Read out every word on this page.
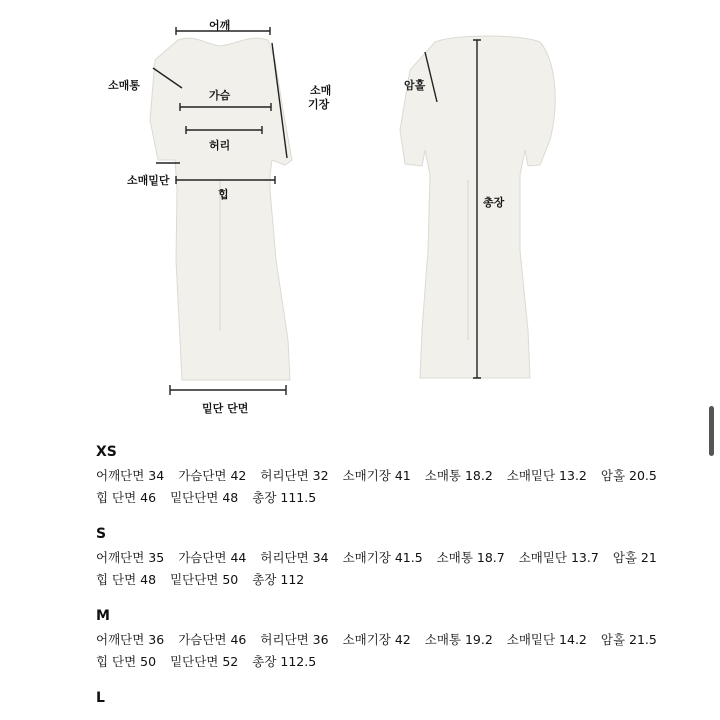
어깨
소매통
가슴	소매
기장
허리
소매밑단
힙
밑단 단면
암홀
총장
XS
어깨단면 34 가슴단면 42 허리단면 32 소매기장 41 소매통 18.2 소매밑단 13.2 암홀 20.5
힙 단면 46 밑단단면 48 총장 111.5
S
어깨단면 35 가슴단면 44 허리단면 34 소매기장 41.5 소매통 18.7 소매밑단 13.7 암홀 21
힙 단면 48 밑단단면 50 총장 112
M
어깨단면 36 가슴단면 46 허리단면 36 소매기장 42 소매통 19.2 소매밑단 14.2 암홀 21.5
힙 단면 50 밑단단면 52 총장 112.5
L
